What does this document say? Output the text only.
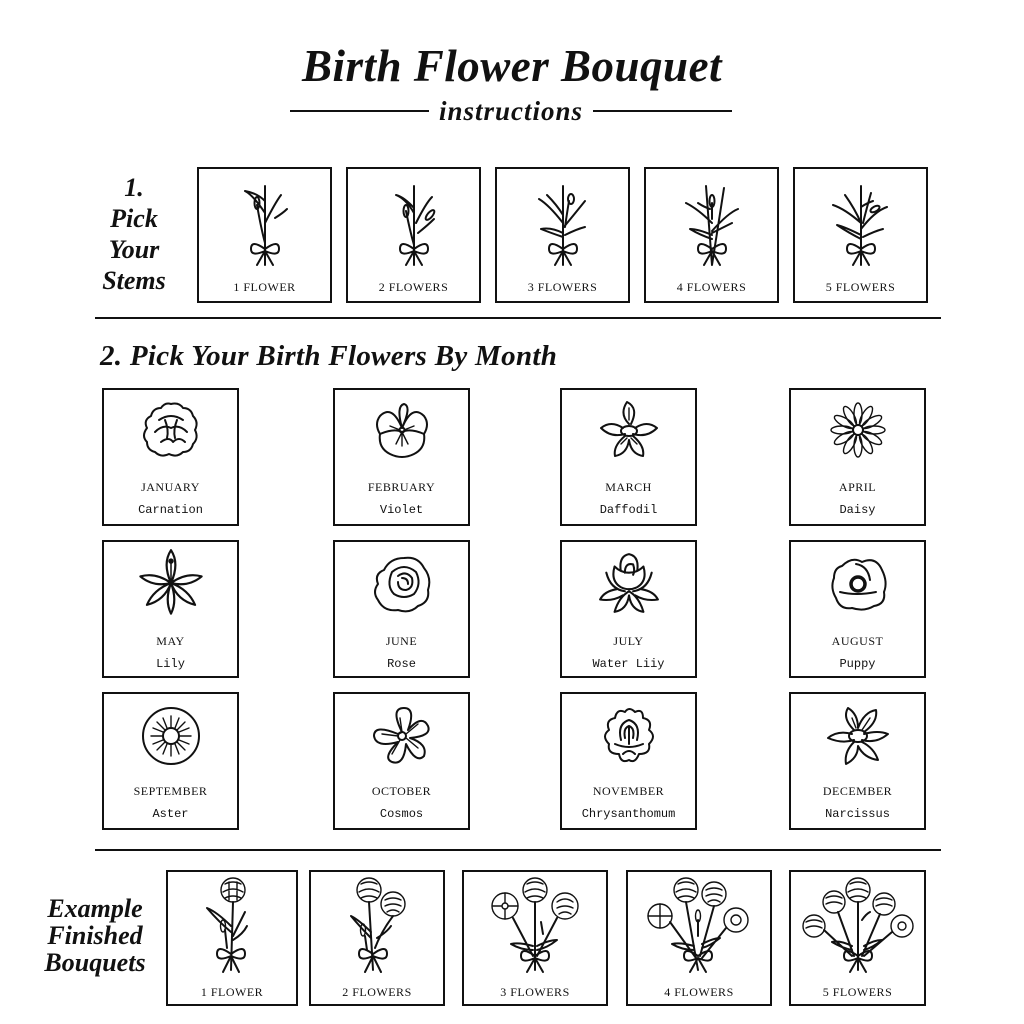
Birth Flower Bouquet
instructions
1.
Pick
Your
Stems	1 FLOWER	2 FLOWERS	3 FLOWERS	4 FLOWERS	5 FLOWERS
2. Pick Your Birth Flowers By Month
JANUARY
Carnation
FEBRUARY
Violet
MARCH
Daffodil
APRIL
Daisy
MAY
Lily
JUNE
Rose
JULY
Water Liiy
AUGUST
Puppy
SEPTEMBER
Aster
OCTOBER
Cosmos
NOVEMBER
Chrysanthomum
DECEMBER
Narcissus
Example
Finished
Bouquets
1 FLOWER	2 FLOWERS	3 FLOWERS	4 FLOWERS	5 FLOWERS
